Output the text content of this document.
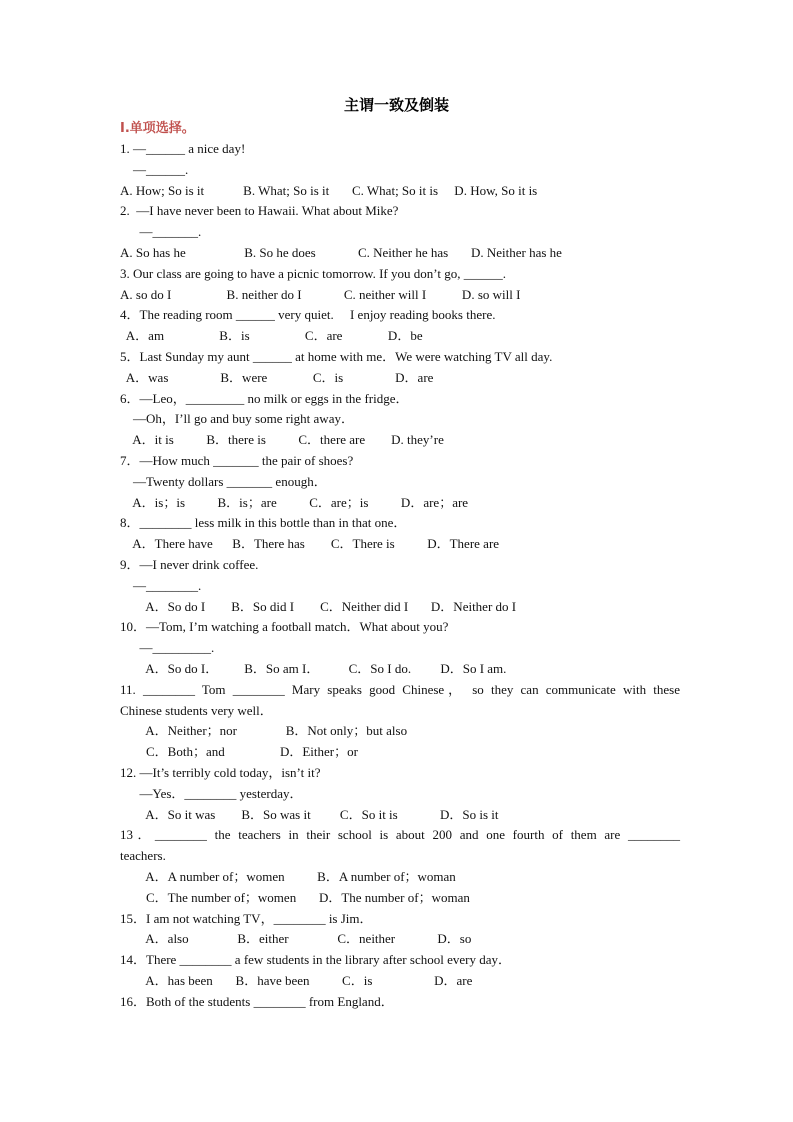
主谓一致及倒装
I.单项选择。
1. —______ a nice day!
—______.
A. How; So is it            B. What; So is it       C. What; So it is     D. How, So it is
2.  —I have never been to Hawaii. What about Mike?
—_______.
A. So has he                  B. So he does             C. Neither he has       D. Neither has he
3. Our class are going to have a picnic tomorrow. If you don’t go, ______.
A. so do I                 B. neither do I             C. neither will I           D. so will I
4．The reading room ______ very quiet.     I enjoy reading books there.
A．am                 B．is                 C．are              D．be
5．Last Sunday my aunt ______ at home with me．We were watching TV all day.
A．was                B．were              C．is                D．are
6．—Leo，_________ no milk or eggs in the fridge．
—Oh，I’ll go and buy some right away．
A．it is          B．there is          C．there are        D. they’re
7．—How much _______ the pair of shoes?
—Twenty dollars _______ enough．
A．is；is          B．is；are          C．are；is          D．are；are
8．________ less milk in this bottle than in that one．
A．There have      B．There has        C．There is          D．There are
9．—I never drink coffee.
—________.
A．So do I        B．So did I        C．Neither did I       D．Neither do I
10．—Tom, I’m watching a football match．What about you?
—_________.
A．So do I．        B．So am I．         C．So I do.         D．So I am.
11. ________ Tom ________ Mary speaks good Chinese， so they can communicate with these
Chinese students very well．
A．Neither；nor               B．Not only；but also
C．Both；and                 D．Either；or
12. —It’s terribly cold today，isn’t it?
—Yes．________ yesterday．
A．So it was        B．So was it         C．So it is             D．So is it
13．________ the teachers in their school is about 200 and one fourth of them are ________
teachers.
A．A number of；women          B．A number of；woman
C．The number of；women       D．The number of；woman
15．I am not watching TV，________ is Jim．
A．also               B．either               C．neither             D．so
14．There ________ a few students in the library after school every day．
A．has been       B．have been          C．is                   D．are
16．Both of the students ________ from England．
